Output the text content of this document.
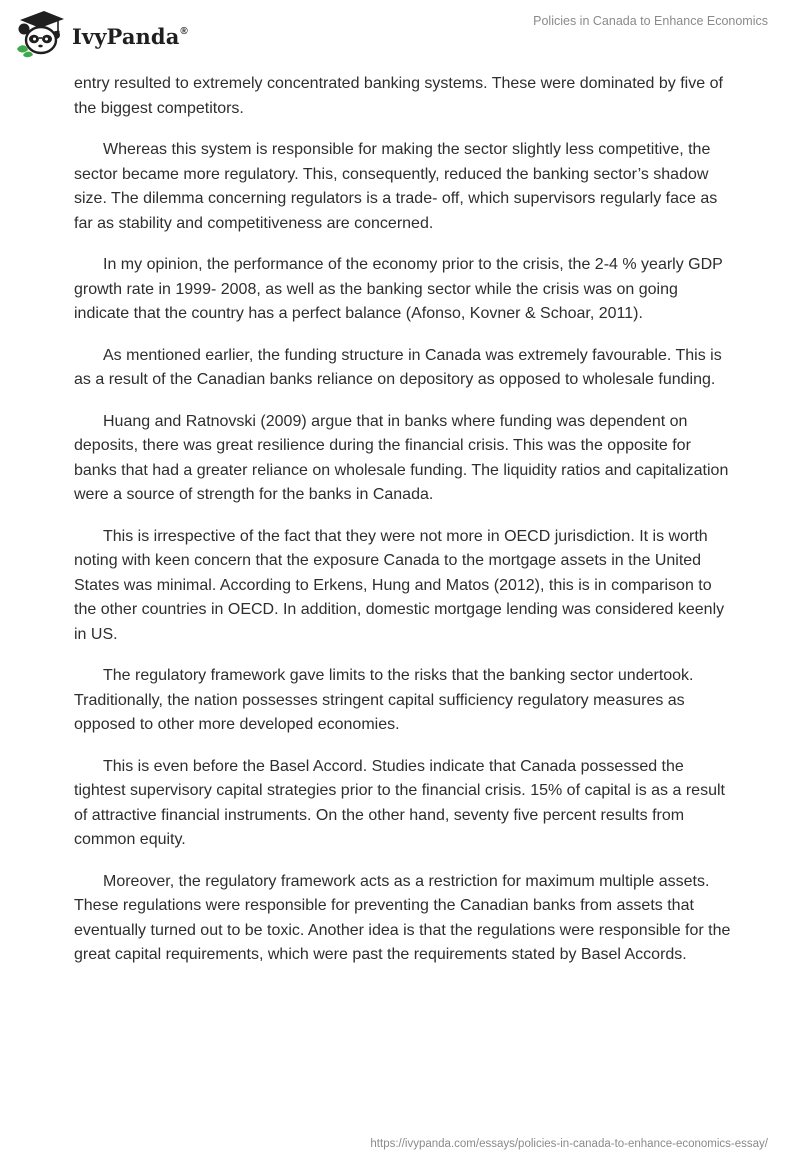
IvyPanda®
Policies in Canada to Enhance Economics

entry resulted to extremely concentrated banking systems. These were dominated by five of the biggest competitors.

Whereas this system is responsible for making the sector slightly less competitive, the sector became more regulatory. This, consequently, reduced the banking sector’s shadow size. The dilemma concerning regulators is a trade- off, which supervisors regularly face as far as stability and competitiveness are concerned.

In my opinion, the performance of the economy prior to the crisis, the 2-4 % yearly GDP growth rate in 1999- 2008, as well as the banking sector while the crisis was on going indicate that the country has a perfect balance (Afonso, Kovner & Schoar, 2011).

As mentioned earlier, the funding structure in Canada was extremely favourable. This is as a result of the Canadian banks reliance on depository as opposed to wholesale funding.

Huang and Ratnovski (2009) argue that in banks where funding was dependent on deposits, there was great resilience during the financial crisis. This was the opposite for banks that had a greater reliance on wholesale funding. The liquidity ratios and capitalization were a source of strength for the banks in Canada.

This is irrespective of the fact that they were not more in OECD jurisdiction. It is worth noting with keen concern that the exposure Canada to the mortgage assets in the United States was minimal. According to Erkens, Hung and Matos (2012), this is in comparison to the other countries in OECD. In addition, domestic mortgage lending was considered keenly in US.

The regulatory framework gave limits to the risks that the banking sector undertook. Traditionally, the nation possesses stringent capital sufficiency regulatory measures as opposed to other more developed economies.

This is even before the Basel Accord. Studies indicate that Canada possessed the tightest supervisory capital strategies prior to the financial crisis. 15% of capital is as a result of attractive financial instruments. On the other hand, seventy five percent results from common equity.

Moreover, the regulatory framework acts as a restriction for maximum multiple assets. These regulations were responsible for preventing the Canadian banks from assets that eventually turned out to be toxic. Another idea is that the regulations were responsible for the great capital requirements, which were past the requirements stated by Basel Accords.

https://ivypanda.com/essays/policies-in-canada-to-enhance-economics-essay/
